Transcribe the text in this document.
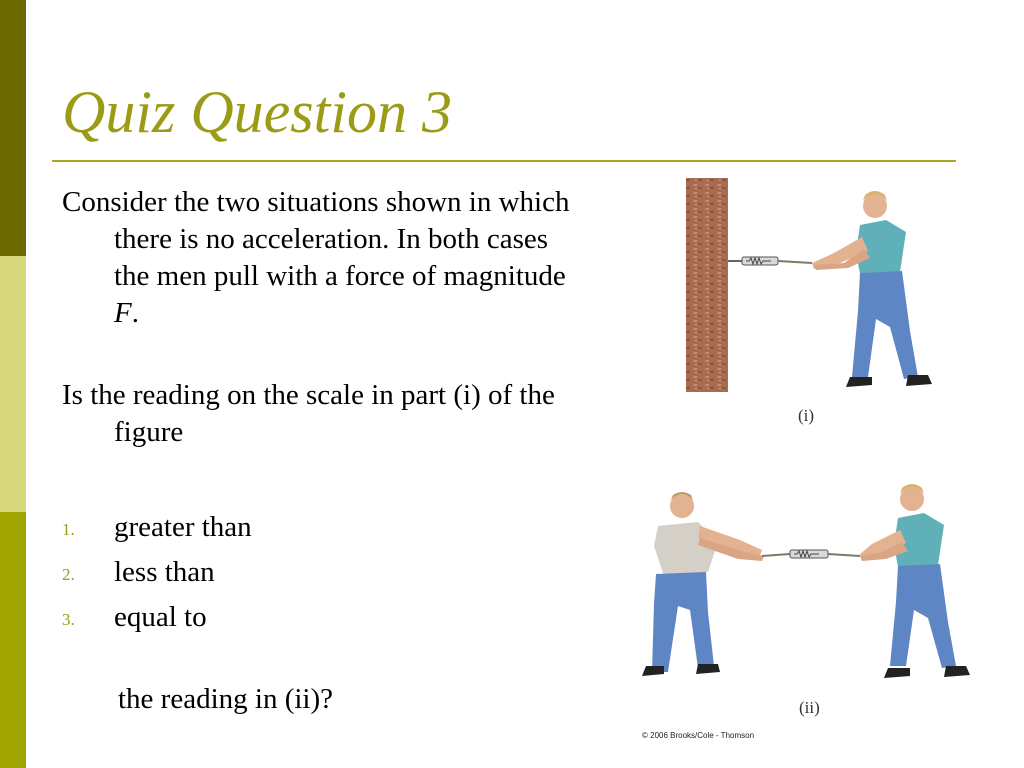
Quiz Question 3

Consider the two situations shown in which there is no acceleration. In both cases the men pull with a force of magnitude F.

Is the reading on the scale in part (i) of the figure

1. greater than
2. less than
3. equal to
the reading in (ii)?
(i)
(ii)
© 2006 Brooks/Cole - Thomson
